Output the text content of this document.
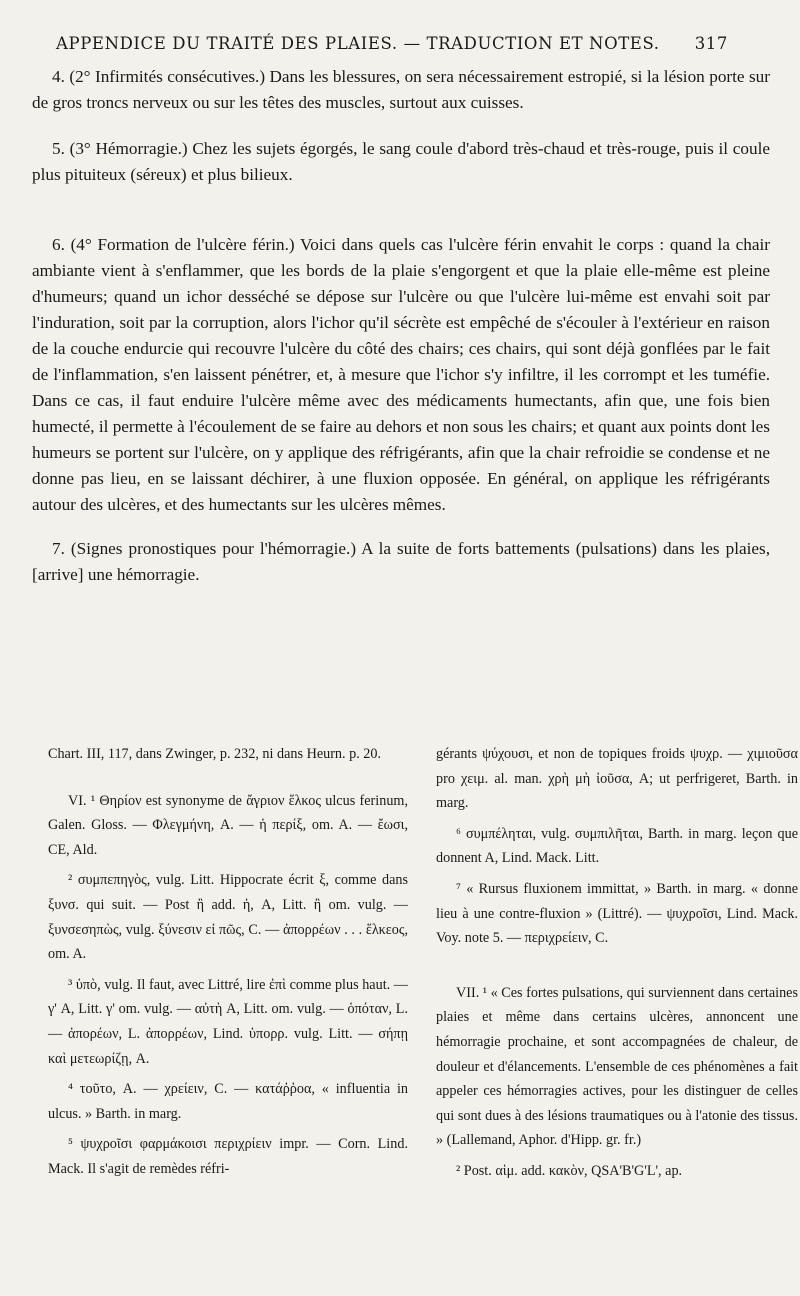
APPENDICE DU TRAITÉ DES PLAIES. — TRADUCTION ET NOTES. 317

4. (2° Infirmités consécutives.) Dans les blessures, on sera nécessairement estropié, si la lésion porte sur de gros troncs nerveux ou sur les têtes des muscles, surtout aux cuisses.

5. (3° Hémorragie.) Chez les sujets égorgés, le sang coule d'abord très-chaud et très-rouge, puis il coule plus pituiteux (séreux) et plus bilieux.

6. (4° Formation de l'ulcère férin.) Voici dans quels cas l'ulcère férin envahit le corps : quand la chair ambiante vient à s'enflammer, que les bords de la plaie s'engorgent et que la plaie elle-même est pleine d'humeurs; quand un ichor desséché se dépose sur l'ulcère ou que l'ulcère lui-même est envahi soit par l'induration, soit par la corruption, alors l'ichor qu'il sécrète est empêché de s'écouler à l'extérieur en raison de la couche endurcie qui recouvre l'ulcère du côté des chairs; ces chairs, qui sont déjà gonflées par le fait de l'inflammation, s'en laissent pénétrer, et, à mesure que l'ichor s'y infiltre, il les corrompt et les tuméfie. Dans ce cas, il faut enduire l'ulcère même avec des médicaments humectants, afin que, une fois bien humecté, il permette à l'écoulement de se faire au dehors et non sous les chairs; et quant aux points dont les humeurs se portent sur l'ulcère, on y applique des réfrigérants, afin que la chair refroidie se condense et ne donne pas lieu, en se laissant déchirer, à une fluxion opposée. En général, on applique les réfrigérants autour des ulcères, et des humectants sur les ulcères mêmes.

7. (Signes pronostiques pour l'hémorragie.) A la suite de forts battements (pulsations) dans les plaies, [arrive] une hémorragie.

Chart. III, 117, dans Zwinger, p. 232, ni dans Heurn. p. 20.

VI. ¹ Θηρίον est synonyme de ἄγριον ἕλκος ulcus ferinum, Galen. Gloss. — Φλεγμήνη, A. — ἡ περίξ, om. A. — ἔωσι, CE, Ald.

² συμπεπηγὸς, vulg. Litt. Hippocrate écrit ξ, comme dans ξυνσ. qui suit. — Post ἢ add. ἡ, A, Litt. ἢ om. vulg. — ξυνσεσηπὼς, vulg. ξύνεσιν εἰ πῶς, C. — ἀπορρέων . . . ἕλκεος, om. A.

³ ὑπὸ, vulg. Il faut, avec Littré, lire ἐπὶ comme plus haut. — γ' A, Litt. γ' om. vulg. — αὐτὴ A, Litt. om. vulg. — ὁπόταν, L. — ἀπορέων, L. ἀπορρέων, Lind. ὑπορρ. vulg. Litt. — σήπῃ καὶ μετεωρίζῃ, A.

⁴ τοῦτο, A. — χρείειν, C. — κατάῤῥοα, « influentia in ulcus. » Barth. in marg.

⁵ ψυχροῖσι φαρμάκοισι περιχρίειν impr. — Corn. Lind. Mack. Il s'agit de remèdes réfri-

gérants ψύχουσι, et non de topiques froids ψυχρ. — χιμιοῦσα pro χειμ. al. man. χρὴ μὴ ἰοῦσα, A; ut perfrigeret, Barth. in marg.

⁶ συμπέληται, vulg. συμπιλῆται, Barth. in marg. leçon que donnent A, Lind. Mack. Litt.

⁷ « Rursus fluxionem immittat, » Barth. in marg. « donne lieu à une contre-fluxion » (Littré). — ψυχροῖσι, Lind. Mack. Voy. note 5. — περιχρείειν, C.

VII. ¹ « Ces fortes pulsations, qui surviennent dans certaines plaies et même dans certains ulcères, annoncent une hémorragie prochaine, et sont accompagnées de chaleur, de douleur et d'élancements. L'ensemble de ces phénomènes a fait appeler ces hémorragies actives, pour les distinguer de celles qui sont dues à des lésions traumatiques ou à l'atonie des tissus. » (Lallemand, Aphor. d'Hipp. gr. fr.)

² Post. αἱμ. add. κακὸν, QSA'B'G'L', ap.
